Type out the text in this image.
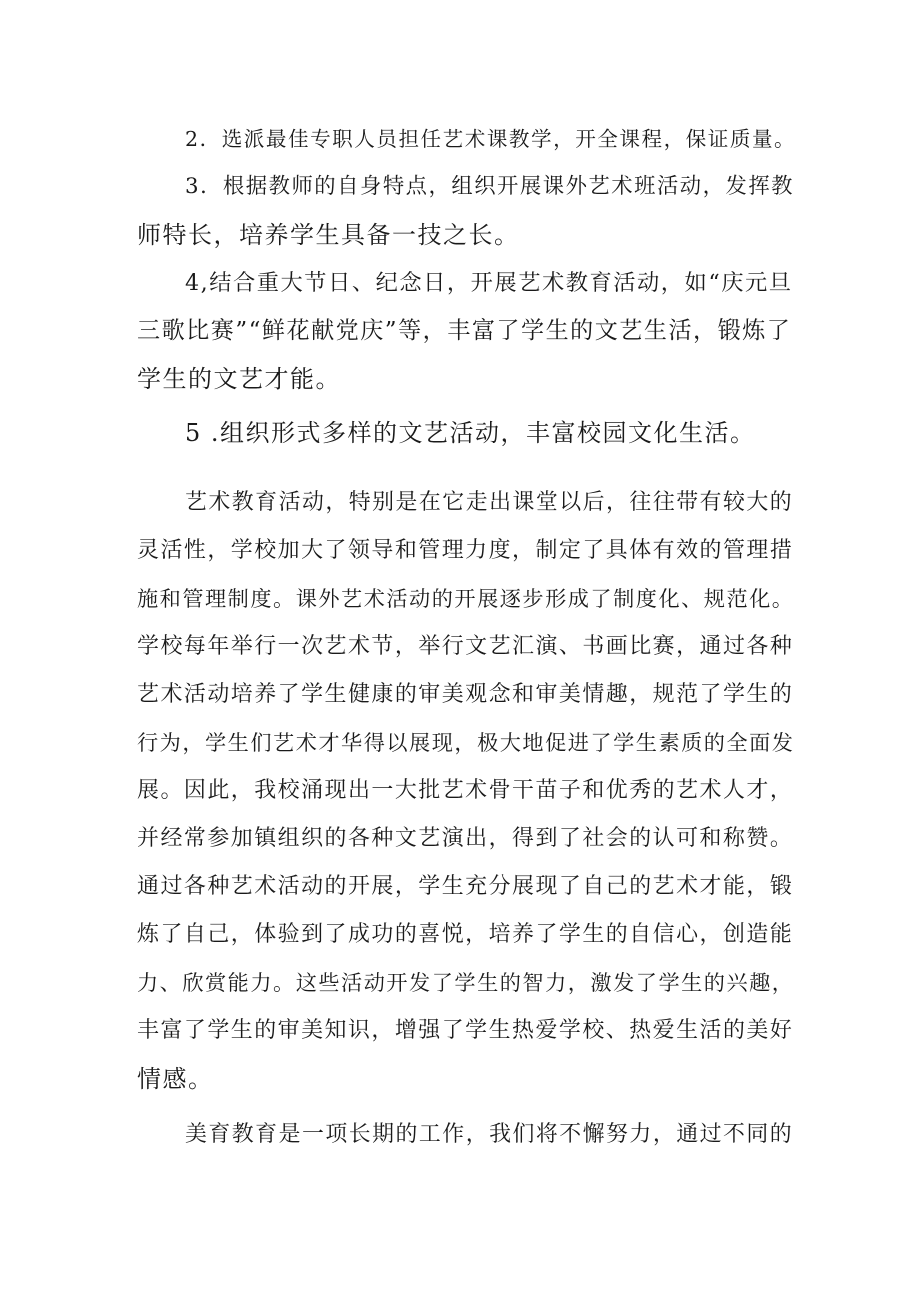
2．选派最佳专职人员担任艺术课教学，开全课程，保证质量。

3．根据教师的自身特点，组织开展课外艺术班活动，发挥教

师特长，培养学生具备一技之长。

4,结合重大节日、纪念日，开展艺术教育活动，如“庆元旦

三歌比赛”“鲜花献党庆”等，丰富了学生的文艺生活，锻炼了

学生的文艺才能。

5 .组织形式多样的文艺活动，丰富校园文化生活。

艺术教育活动，特别是在它走出课堂以后，往往带有较大的

灵活性，学校加大了领导和管理力度，制定了具体有效的管理措

施和管理制度。课外艺术活动的开展逐步形成了制度化、规范化。

学校每年举行一次艺术节，举行文艺汇演、书画比赛，通过各种

艺术活动培养了学生健康的审美观念和审美情趣，规范了学生的

行为，学生们艺术才华得以展现，极大地促进了学生素质的全面发

展。因此，我校涌现出一大批艺术骨干苗子和优秀的艺术人才，

并经常参加镇组织的各种文艺演出，得到了社会的认可和称赞。

通过各种艺术活动的开展，学生充分展现了自己的艺术才能，锻

炼了自己，体验到了成功的喜悦，培养了学生的自信心，创造能

力、欣赏能力。这些活动开发了学生的智力，激发了学生的兴趣，

丰富了学生的审美知识，增强了学生热爱学校、热爱生活的美好

情感。

美育教育是一项长期的工作，我们将不懈努力，通过不同的
